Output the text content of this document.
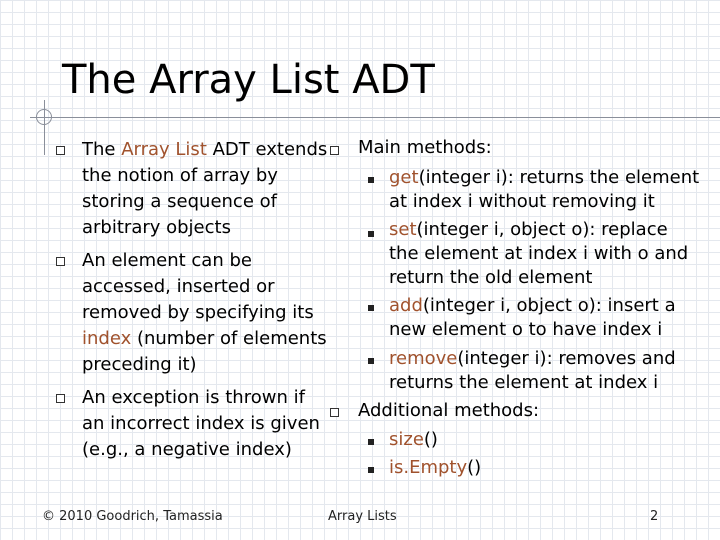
The Array List ADT
The Array List ADT extends
the notion of array by
storing a sequence of
arbitrary objects
An element can be
accessed, inserted or
removed by specifying its
index (number of elements
preceding it)
An exception is thrown if
an incorrect index is given
(e.g., a negative index)
Main methods:
get(integer i): returns the element
at index i without removing it
set(integer i, object o): replace
the element at index i with o and
return the old element
add(integer i, object o): insert a
new element o to have index i
remove(integer i): removes and
returns the element at index i
Additional methods:
size()
is.Empty()
© 2010 Goodrich, Tamassia	Array Lists	2
